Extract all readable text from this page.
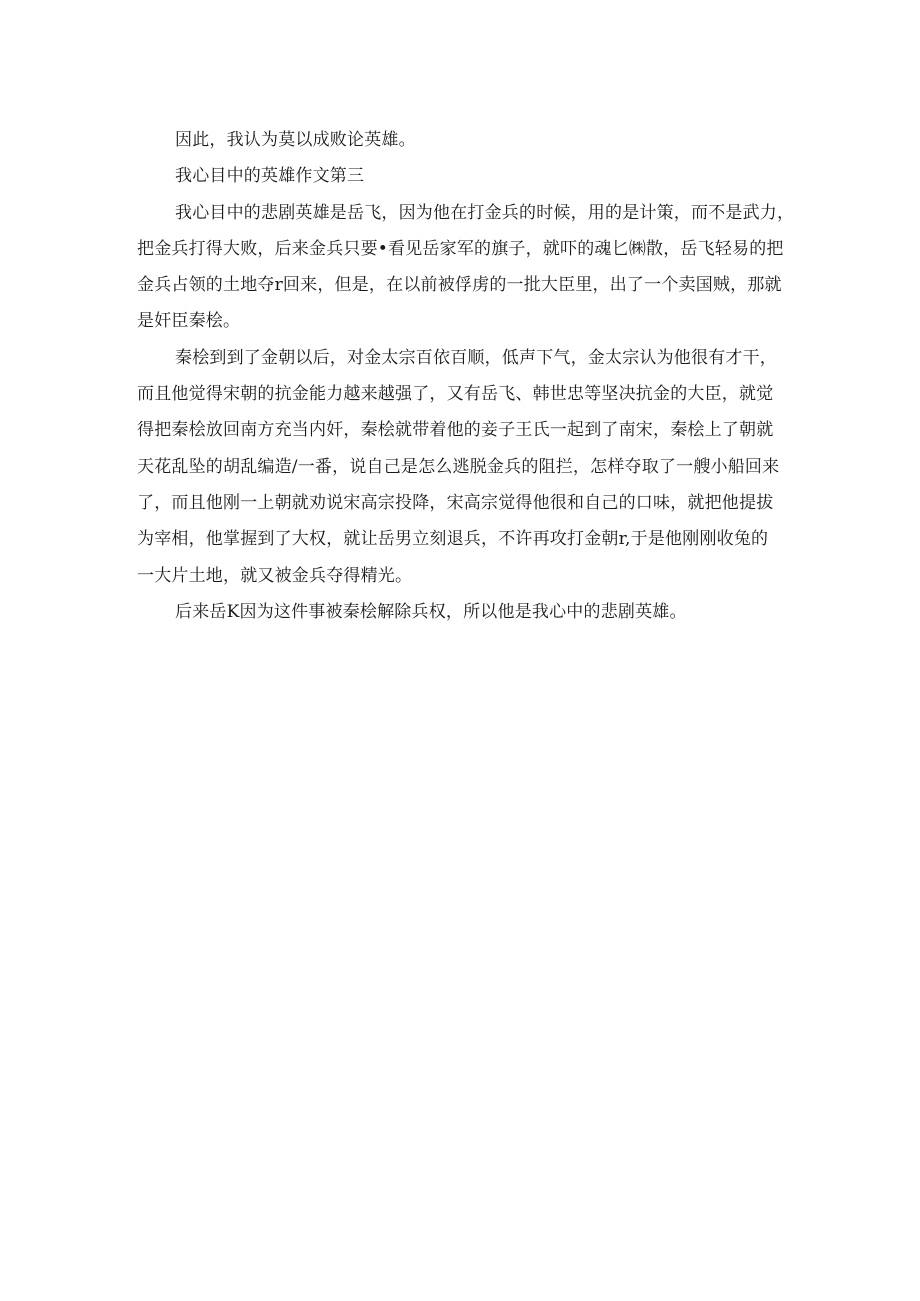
因此，我认为莫以成败论英雄。

我心目中的英雄作文第三

我心目中的悲剧英雄是岳飞，因为他在打金兵的时候，用的是计策，而不是武力，
把金兵打得大败，后来金兵只要•看见岳家军的旗子，就吓的魂匕㈱散，岳飞轻易的把
金兵占领的土地夺r回来，但是，在以前被俘虏的一批大臣里，出了一个卖国贼，那就
是奸臣秦桧。

秦桧到到了金朝以后，对金太宗百依百顺，低声下气，金太宗认为他很有才干，
而且他觉得宋朝的抗金能力越来越强了，又有岳飞、韩世忠等坚决抗金的大臣，就觉
得把秦桧放回南方充当内奸，秦桧就带着他的妾子王氏一起到了南宋，秦桧上了朝就
天花乱坠的胡乱编造/一番，说自己是怎么逃脱金兵的阻拦，怎样夺取了一艘小船回来
了，而且他刚一上朝就劝说宋高宗投降，宋高宗觉得他很和自己的口味，就把他提拔
为宰相，他掌握到了大权，就让岳男立刻退兵，不许再攻打金朝r,于是他刚刚收兔的
一大片土地，就又被金兵夺得精光。

后来岳K因为这件事被秦桧解除兵权，所以他是我心中的悲剧英雄。
